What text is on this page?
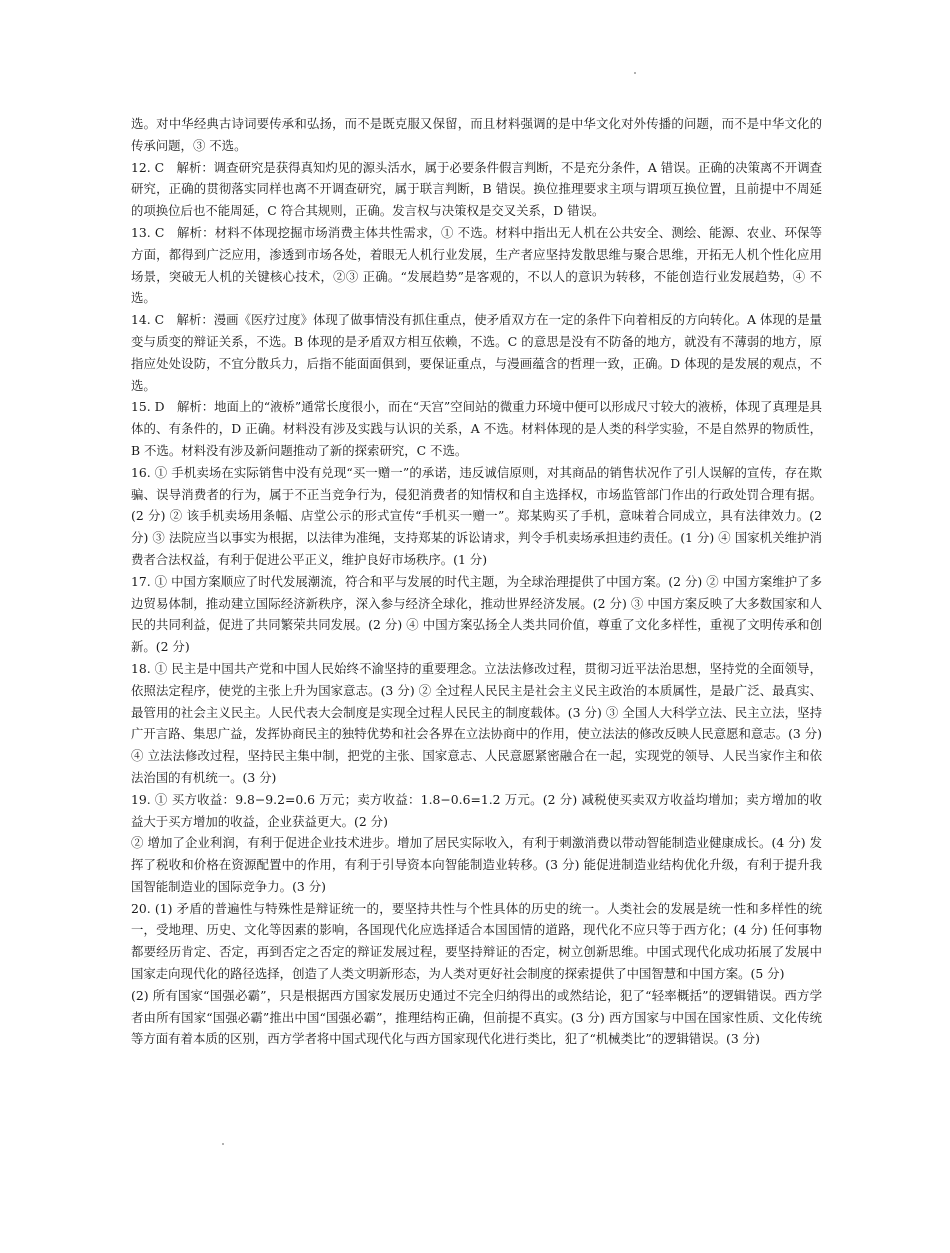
选。对中华经典古诗词要传承和弘扬，而不是既克服又保留，而且材料强调的是中华文化对外传播的问题，而不是中华文化的传承问题，③ 不选。

12. C　解析：调查研究是获得真知灼见的源头活水，属于必要条件假言判断，不是充分条件，A 错误。正确的决策离不开调查研究，正确的贯彻落实同样也离不开调查研究，属于联言判断，B 错误。换位推理要求主项与谓项互换位置，且前提中不周延的项换位后也不能周延，C 符合其规则，正确。发言权与决策权是交叉关系，D 错误。

13. C　解析：材料不体现挖掘市场消费主体共性需求，① 不选。材料中指出无人机在公共安全、测绘、能源、农业、环保等方面，都得到广泛应用，渗透到市场各处，着眼无人机行业发展，生产者应坚持发散思维与聚合思维，开拓无人机个性化应用场景，突破无人机的关键核心技术，②③ 正确。“发展趋势”是客观的，不以人的意识为转移，不能创造行业发展趋势，④ 不选。

14. C　解析：漫画《医疗过度》体现了做事情没有抓住重点，使矛盾双方在一定的条件下向着相反的方向转化。A 体现的是量变与质变的辩证关系，不选。B 体现的是矛盾双方相互依赖，不选。C 的意思是没有不防备的地方，就没有不薄弱的地方，原指应处处设防，不宜分散兵力，后指不能面面俱到，要保证重点，与漫画蕴含的哲理一致，正确。D 体现的是发展的观点，不选。

15. D　解析：地面上的“液桥”通常长度很小，而在“天宫”空间站的微重力环境中便可以形成尺寸较大的液桥，体现了真理是具体的、有条件的，D 正确。材料没有涉及实践与认识的关系，A 不选。材料体现的是人类的科学实验，不是自然界的物质性，B 不选。材料没有涉及新问题推动了新的探索研究，C 不选。

16. ① 手机卖场在实际销售中没有兑现“买一赠一”的承诺，违反诚信原则，对其商品的销售状况作了引人误解的宣传，存在欺骗、误导消费者的行为，属于不正当竞争行为，侵犯消费者的知情权和自主选择权，市场监管部门作出的行政处罚合理有据。(2 分) ② 该手机卖场用条幅、店堂公示的形式宣传“手机买一赠一”。郑某购买了手机，意味着合同成立，具有法律效力。(2 分) ③ 法院应当以事实为根据，以法律为准绳，支持郑某的诉讼请求，判令手机卖场承担违约责任。(1 分) ④ 国家机关维护消费者合法权益，有利于促进公平正义，维护良好市场秩序。(1 分)

17. ① 中国方案顺应了时代发展潮流，符合和平与发展的时代主题，为全球治理提供了中国方案。(2 分) ② 中国方案维护了多边贸易体制，推动建立国际经济新秩序，深入参与经济全球化，推动世界经济发展。(2 分) ③ 中国方案反映了大多数国家和人民的共同利益，促进了共同繁荣共同发展。(2 分) ④ 中国方案弘扬全人类共同价值，尊重了文化多样性，重视了文明传承和创新。(2 分)

18. ① 民主是中国共产党和中国人民始终不渝坚持的重要理念。立法法修改过程，贯彻习近平法治思想，坚持党的全面领导，依照法定程序，使党的主张上升为国家意志。(3 分) ② 全过程人民民主是社会主义民主政治的本质属性，是最广泛、最真实、最管用的社会主义民主。人民代表大会制度是实现全过程人民民主的制度载体。(3 分) ③ 全国人大科学立法、民主立法，坚持广开言路、集思广益，发挥协商民主的独特优势和社会各界在立法协商中的作用，使立法法的修改反映人民意愿和意志。(3 分) ④ 立法法修改过程，坚持民主集中制，把党的主张、国家意志、人民意愿紧密融合在一起，实现党的领导、人民当家作主和依法治国的有机统一。(3 分)

19. ① 买方收益：9.8−9.2=0.6 万元；卖方收益：1.8−0.6=1.2 万元。(2 分) 减税使买卖双方收益均增加；卖方增加的收益大于买方增加的收益，企业获益更大。(2 分)

② 增加了企业利润，有利于促进企业技术进步。增加了居民实际收入，有利于刺激消费以带动智能制造业健康成长。(4 分) 发挥了税收和价格在资源配置中的作用，有利于引导资本向智能制造业转移。(3 分) 能促进制造业结构优化升级，有利于提升我国智能制造业的国际竞争力。(3 分)

20. (1) 矛盾的普遍性与特殊性是辩证统一的，要坚持共性与个性具体的历史的统一。人类社会的发展是统一性和多样性的统一，受地理、历史、文化等因素的影响，各国现代化应选择适合本国国情的道路，现代化不应只等于西方化；(4 分) 任何事物都要经历肯定、否定，再到否定之否定的辩证发展过程，要坚持辩证的否定，树立创新思维。中国式现代化成功拓展了发展中国家走向现代化的路径选择，创造了人类文明新形态，为人类对更好社会制度的探索提供了中国智慧和中国方案。(5 分)

(2) 所有国家“国强必霸”，只是根据西方国家发展历史通过不完全归纳得出的或然结论，犯了“轻率概括”的逻辑错误。西方学者由所有国家“国强必霸”推出中国“国强必霸”，推理结构正确，但前提不真实。(3 分) 西方国家与中国在国家性质、文化传统等方面有着本质的区别，西方学者将中国式现代化与西方国家现代化进行类比，犯了“机械类比”的逻辑错误。(3 分)
